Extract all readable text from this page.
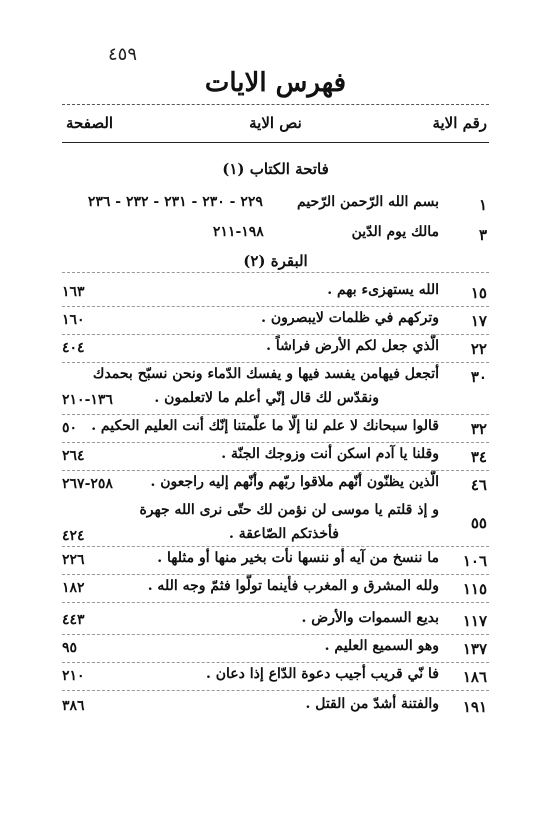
٤٥٩
فهرس الايات
رقم الاية
نص الاية
الصفحة
فاتحة الكتاب (١)
١
بسم الله الرّحمن الرّحيم       ٢٢٩ - ٢٣٠ - ٢٣١ - ٢٣٢ - ٢٣٦
٣
مالك يوم الدّين                  ١٩٨-٢١١
البقرة (٢)
١٥
الله يستهزىء بهم .
١٦٣
١٧
وتركهم في ظلمات لايبصرون .
١٦٠
٢٢
الّذي جعل لكم الأرض فراشاً .
٤٠٤
٣٠
أتجعل فيهامن يفسد فيها و يفسك الدّماء ونحن نسبّح بحمدك
ونقدّس لك قال إنّي أعلم ما لاتعلمون .
١٣٦-٢١٠
٣٢
قالوا سبحانك لا علم لنا إلّا ما علّمتنا إنّك أنت العليم الحكيم .
٥٠
٣٤
وقلنا يا آدم اسكن أنت وزوجك الجنّة .
٢٦٤
٤٦
الّذين يظنّون أنّهم ملاقوا ربّهم وأنّهم إليه راجعون .
٢٥٨-٢٦٧
٥٥
و إذ قلتم يا موسى لن نؤمن لك حتّى نرى الله جهرة
فأخذتكم الصّاعقة .
٤٢٤
١٠٦
ما ننسخ من آيه أو ننسها نأت بخير منها أو مثلها .
٢٢٦
١١٥
ولله المشرق و المغرب فأينما تولّوا فثمّ وجه الله .
١٨٢
١١٧
بديع السموات والأرض .
٤٤٣
١٣٧
وهو السميع العليم .
٩٥
١٨٦
فا نّي قريب أجيب دعوة الدّاع إذا دعان .
٢١٠
١٩١
والفتنة أشدّ من القتل .
٣٨٦
